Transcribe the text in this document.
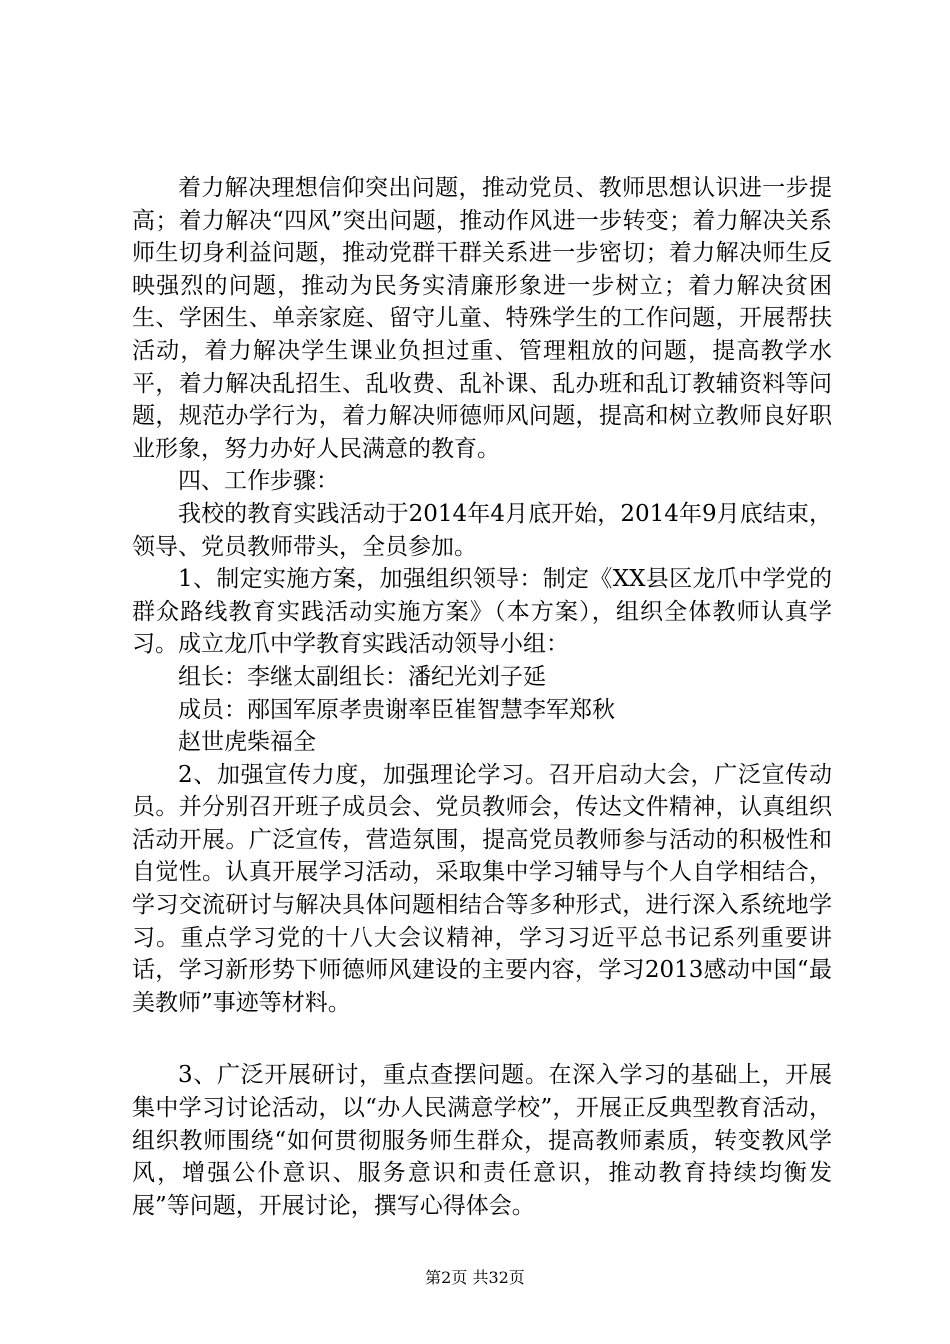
着力解决理想信仰突出问题，推动党员、教师思想认识进一步提高；着力解决“四风”突出问题，推动作风进一步转变；着力解决关系师生切身利益问题，推动党群干群关系进一步密切；着力解决师生反映强烈的问题，推动为民务实清廉形象进一步树立；着力解决贫困生、学困生、单亲家庭、留守儿童、特殊学生的工作问题，开展帮扶活动，着力解决学生课业负担过重、管理粗放的问题，提高教学水平，着力解决乱招生、乱收费、乱补课、乱办班和乱订教辅资料等问题，规范办学行为，着力解决师德师风问题，提高和树立教师良好职业形象，努力办好人民满意的教育。

四、工作步骤：

我校的教育实践活动于2014年4月底开始，2014年9月底结束，领导、党员教师带头，全员参加。

1、制定实施方案，加强组织领导：制定《XX县区龙爪中学党的群众路线教育实践活动实施方案》（本方案），组织全体教师认真学习。成立龙爪中学教育实践活动领导小组：

组长：李继太副组长：潘纪光刘子延

成员：邴国军原孝贵谢率臣崔智慧李军郑秋

赵世虎柴福全

2、加强宣传力度，加强理论学习。召开启动大会，广泛宣传动员。并分别召开班子成员会、党员教师会，传达文件精神，认真组织活动开展。广泛宣传，营造氛围，提高党员教师参与活动的积极性和自觉性。认真开展学习活动，采取集中学习辅导与个人自学相结合，学习交流研讨与解决具体问题相结合等多种形式，进行深入系统地学习。重点学习党的十八大会议精神，学习习近平总书记系列重要讲话，学习新形势下师德师风建设的主要内容，学习2013感动中国“最美教师”事迹等材料。

3、广泛开展研讨，重点查摆问题。在深入学习的基础上，开展集中学习讨论活动，以“办人民满意学校”，开展正反典型教育活动，组织教师围绕“如何贯彻服务师生群众，提高教师素质，转变教风学风，增强公仆意识、服务意识和责任意识，推动教育持续均衡发展”等问题，开展讨论，撰写心得体会。

第2页 共32页
